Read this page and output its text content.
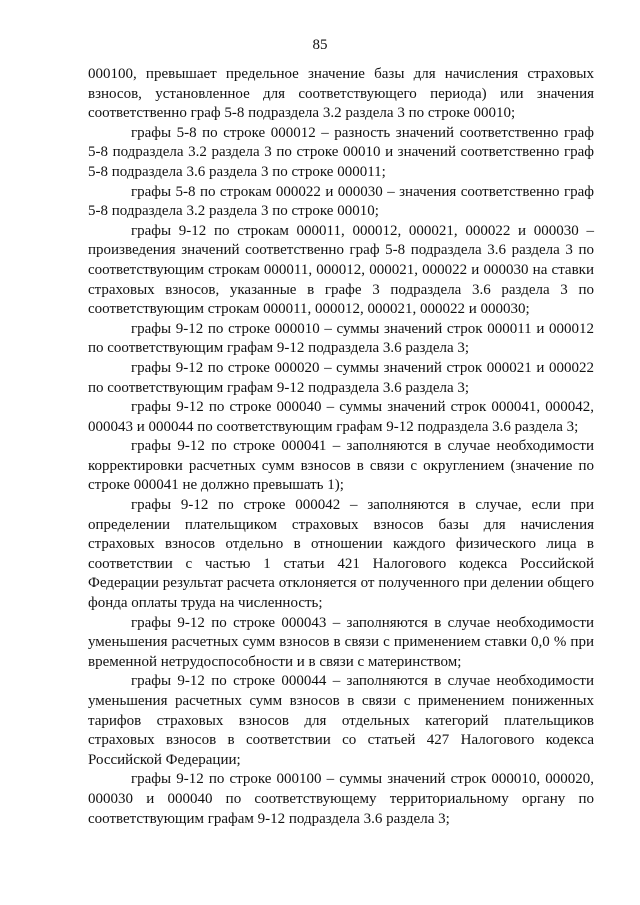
85

000100, превышает предельное значение базы для начисления страховых взносов, установленное для соответствующего периода) или значения соответственно граф 5-8 подраздела 3.2 раздела 3 по строке 00010;

графы 5-8 по строке 000012 – разность значений соответственно граф 5-8 подраздела 3.2 раздела 3 по строке 00010 и значений соответственно граф 5-8 подраздела 3.6 раздела 3 по строке 000011;

графы 5-8 по строкам 000022 и 000030 – значения соответственно граф 5-8 подраздела 3.2 раздела 3 по строке 00010;

графы 9-12 по строкам 000011, 000012, 000021, 000022 и 000030 – произведения значений соответственно граф 5-8 подраздела 3.6 раздела 3 по соответствующим строкам 000011, 000012, 000021, 000022 и 000030 на ставки страховых взносов, указанные в графе 3 подраздела 3.6 раздела 3 по соответствующим строкам 000011, 000012, 000021, 000022 и 000030;

графы 9-12 по строке 000010 – суммы значений строк 000011 и 000012 по соответствующим графам 9-12 подраздела 3.6 раздела 3;

графы 9-12 по строке 000020 – суммы значений строк 000021 и 000022 по соответствующим графам 9-12 подраздела 3.6 раздела 3;

графы 9-12 по строке 000040 – суммы значений строк 000041, 000042, 000043 и 000044 по соответствующим графам 9-12 подраздела 3.6 раздела 3;

графы 9-12 по строке 000041 – заполняются в случае необходимости корректировки расчетных сумм взносов в связи с округлением (значение по строке 000041 не должно превышать 1);

графы 9-12 по строке 000042 – заполняются в случае, если при определении плательщиком страховых взносов базы для начисления страховых взносов отдельно в отношении каждого физического лица в соответствии с частью 1 статьи 421 Налогового кодекса Российской Федерации результат расчета отклоняется от полученного при делении общего фонда оплаты труда на численность;

графы 9-12 по строке 000043 – заполняются в случае необходимости уменьшения расчетных сумм взносов в связи с применением ставки 0,0 % при временной нетрудоспособности и в связи с материнством;

графы 9-12 по строке 000044 – заполняются в случае необходимости уменьшения расчетных сумм взносов в связи с применением пониженных тарифов страховых взносов для отдельных категорий плательщиков страховых взносов в соответствии со статьей 427 Налогового кодекса Российской Федерации;

графы 9-12 по строке 000100 – суммы значений строк 000010, 000020, 000030 и 000040 по соответствующему территориальному органу по соответствующим графам 9-12 подраздела 3.6 раздела 3;
